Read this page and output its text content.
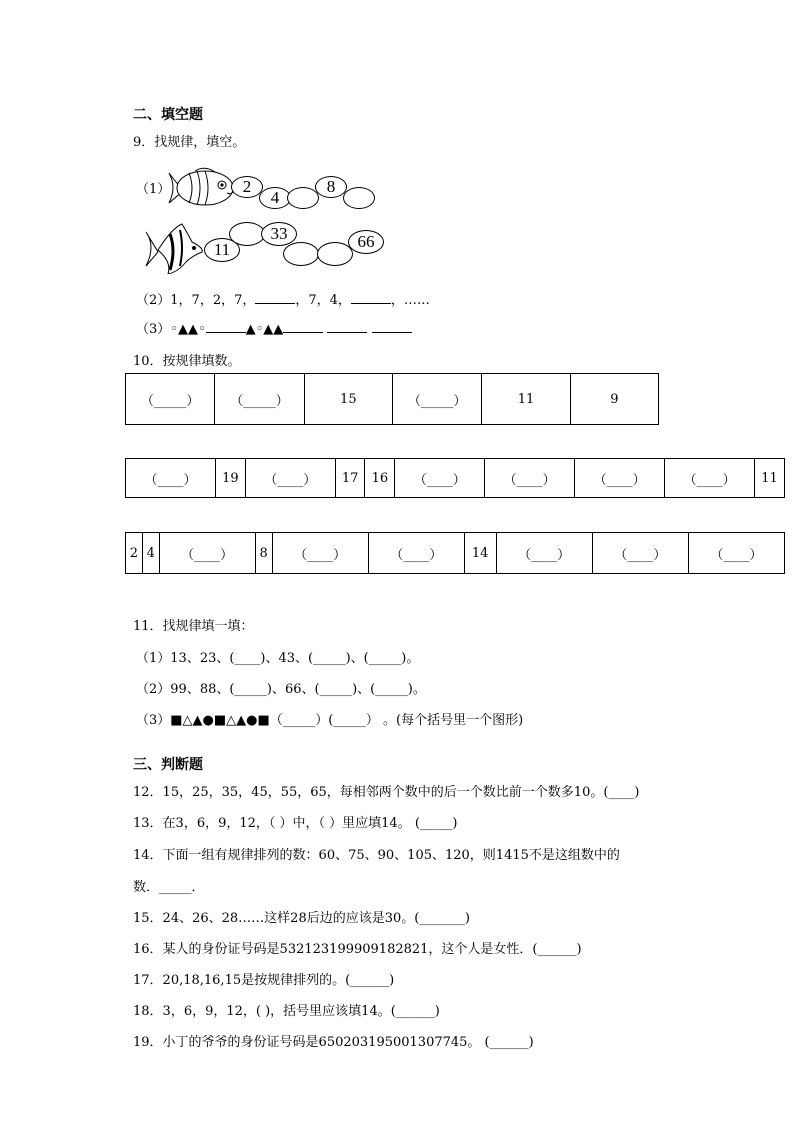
二、填空题
9．找规律，填空。
（1）	2
4
8
11
33	66
（2）1，7，2，7，	，7，4，	，……
（3）◦▲▲◦	▲◦▲▲
10．按规律填数。
（_____）	（_____）	15	（_____）	11	9
（____）	19	（____）	17	16	（____）	（____）	（____）	（____）	11
2	4	（____）	8	（____）	（____）	14	（____）	（____）	（____）
11．找规律填一填：
（1）13、23、(____)、43、(_____)、(_____)。
（2）99、88、(_____)、66、(_____)、(_____)。
（3）■△▲●■△▲●■（_____）(_____） 。(每个括号里一个图形)
三、判断题
12．15，25，35，45，55，65，每相邻两个数中的后一个数比前一个数多10。(____)
13．在3，6，9，12，（ ）中，（ ）里应填14。 (_____)
14．下面一组有规律排列的数：60、75、90、105、120，则1415不是这组数中的
数．_____．
15．24、26、28……这样28后边的应该是30。(_______)
16．某人的身份证号码是532123199909182821，这个人是女性．(______)
17．20,18,16,15是按规律排列的。(______)
18．3，6，9，12，( )，括号里应该填14。(______)
19．小丁的爷爷的身份证号码是650203195001307745。 (______)
